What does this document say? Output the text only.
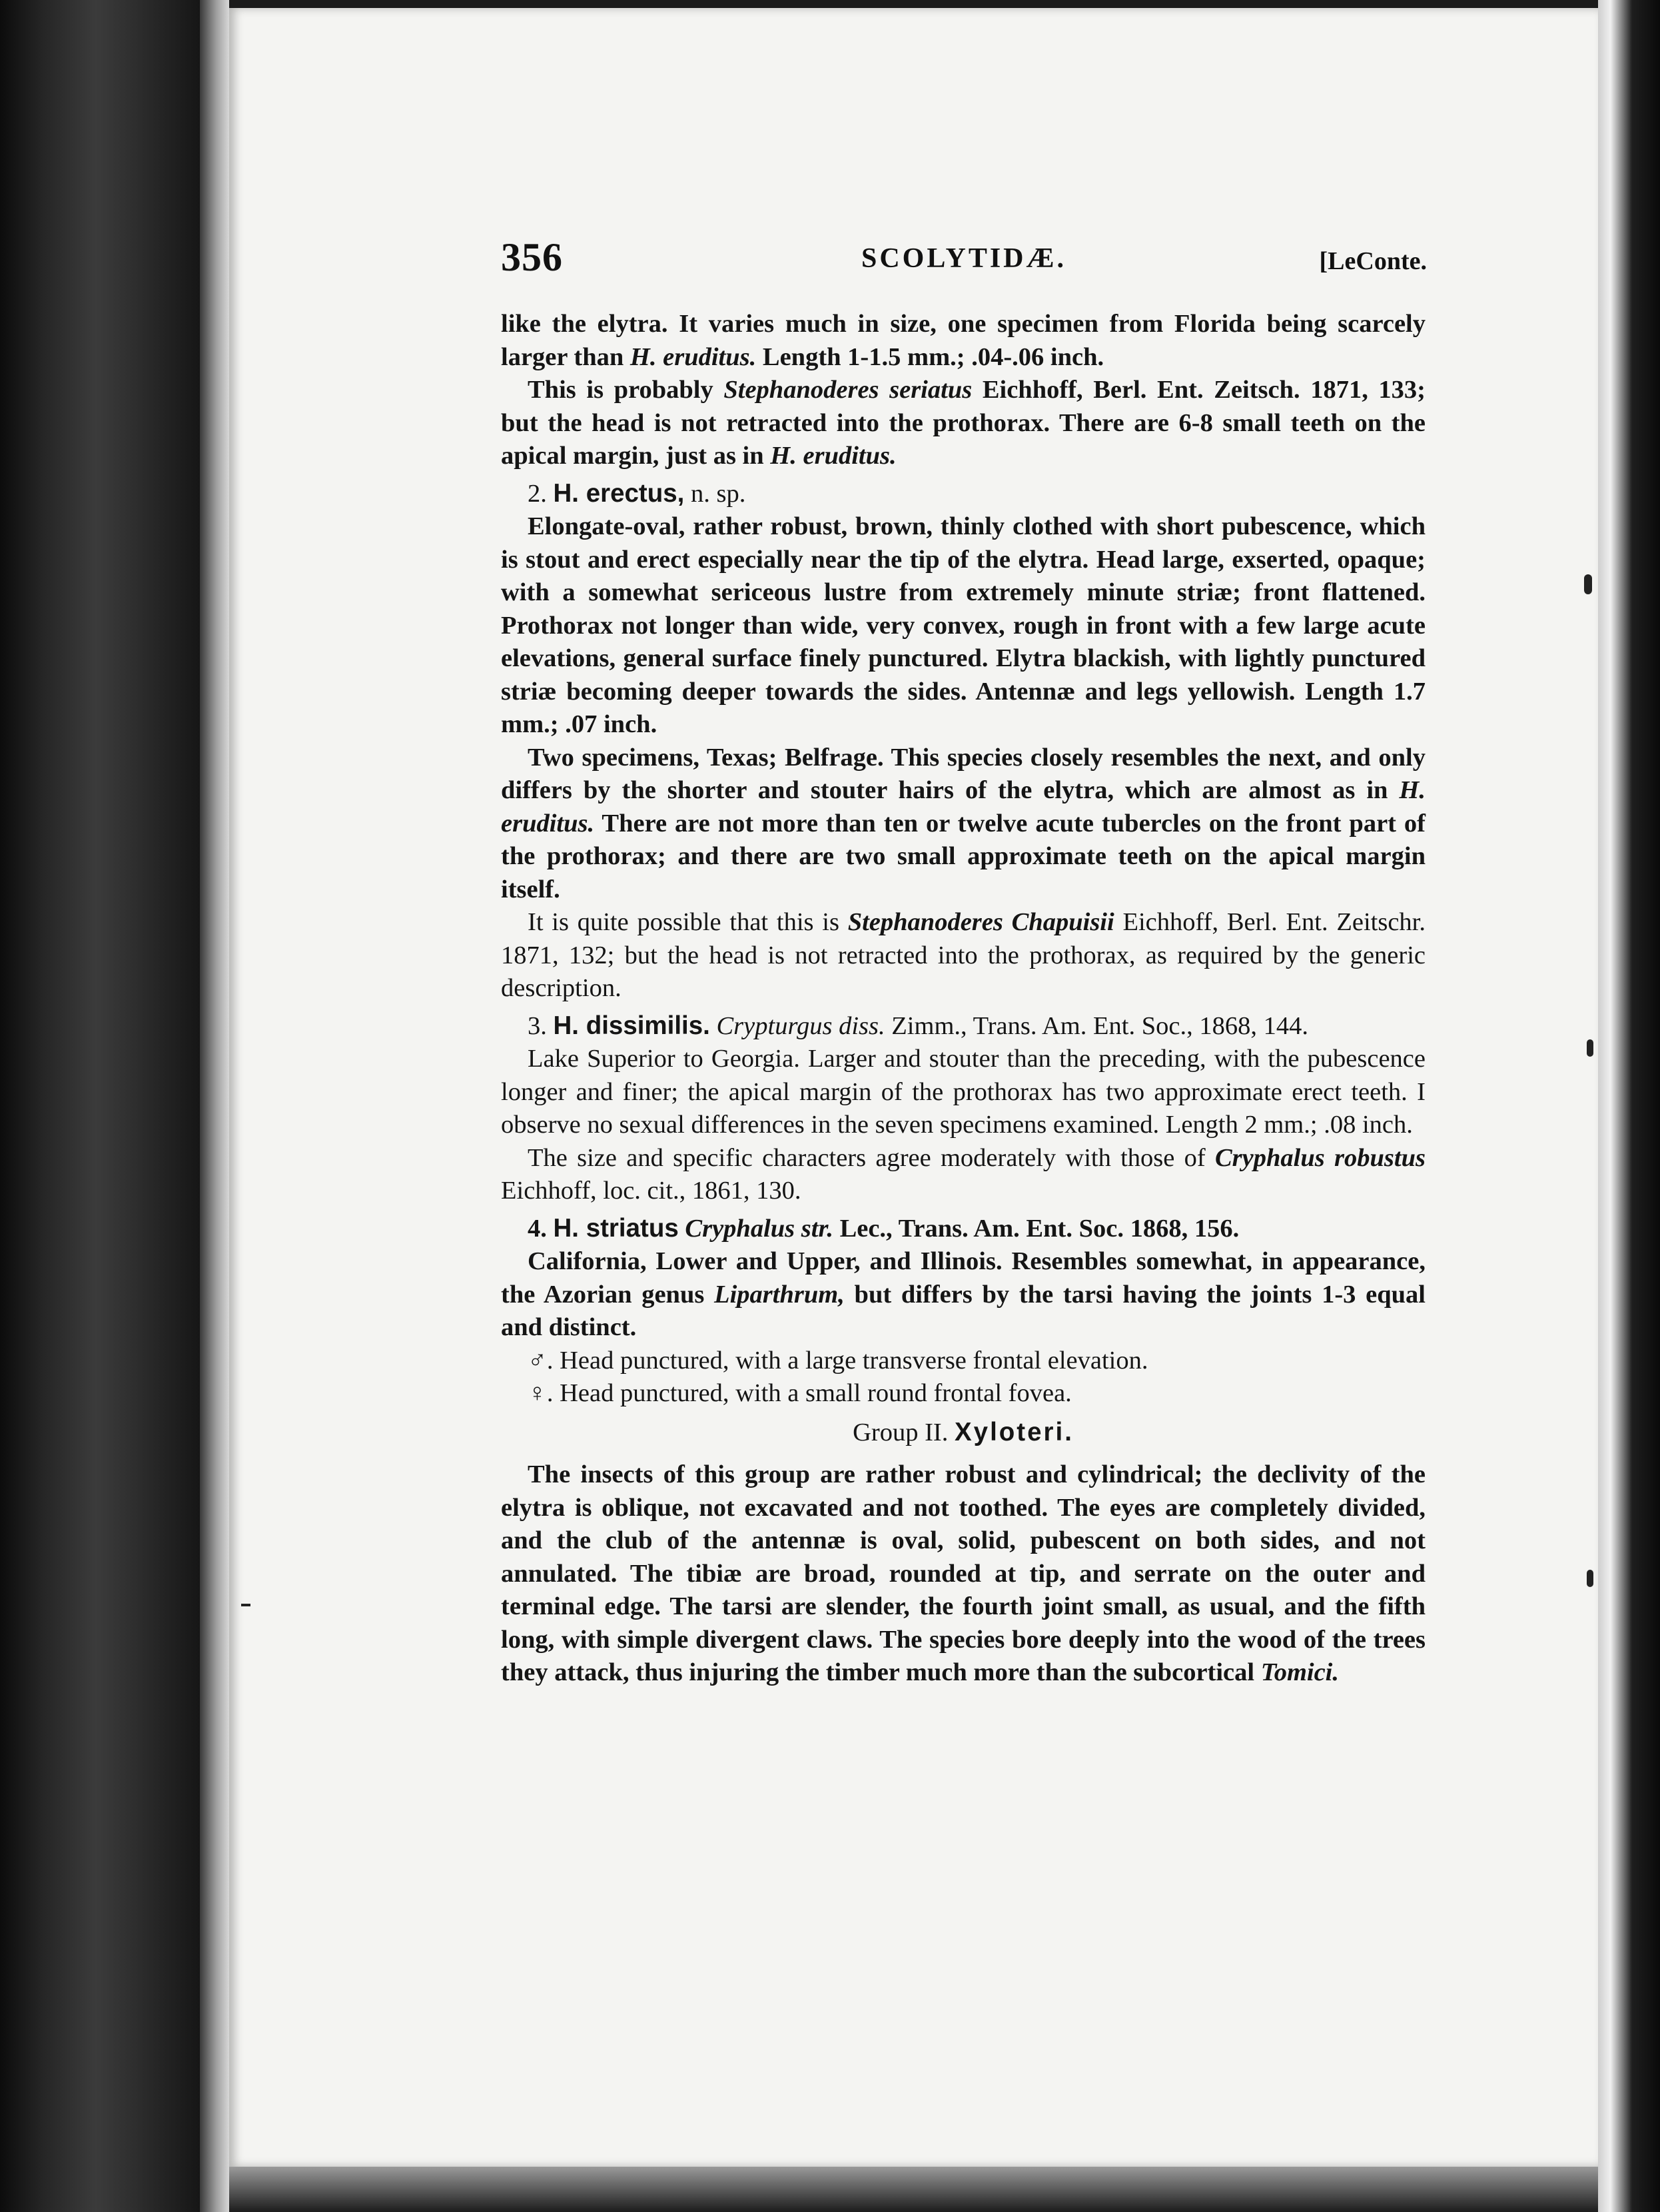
356	SCOLYTIDÆ.	[LeConte.

like the elytra. It varies much in size, one specimen from Florida being scarcely larger than H. eruditus. Length 1-1.5 mm.; .04-.06 inch.

This is probably Stephanoderes seriatus Eichhoff, Berl. Ent. Zeitsch. 1871, 133; but the head is not retracted into the prothorax. There are 6-8 small teeth on the apical margin, just as in H. eruditus.

2. H. erectus, n. sp.

Elongate-oval, rather robust, brown, thinly clothed with short pubescence, which is stout and erect especially near the tip of the elytra. Head large, exserted, opaque; with a somewhat sericeous lustre from extremely minute striæ; front flattened. Prothorax not longer than wide, very convex, rough in front with a few large acute elevations, general surface finely punctured. Elytra blackish, with lightly punctured striæ becoming deeper towards the sides. Antennæ and legs yellowish. Length 1.7 mm.; .07 inch.

Two specimens, Texas; Belfrage. This species closely resembles the next, and only differs by the shorter and stouter hairs of the elytra, which are almost as in H. eruditus. There are not more than ten or twelve acute tubercles on the front part of the prothorax; and there are two small approximate teeth on the apical margin itself.

It is quite possible that this is Stephanoderes Chapuisii Eichhoff, Berl. Ent. Zeitschr. 1871, 132; but the head is not retracted into the prothorax, as required by the generic description.

3. H. dissimilis. Crypturgus diss. Zimm., Trans. Am. Ent. Soc., 1868, 144.

Lake Superior to Georgia. Larger and stouter than the preceding, with the pubescence longer and finer; the apical margin of the prothorax has two approximate erect teeth. I observe no sexual differences in the seven specimens examined. Length 2 mm.; .08 inch.

The size and specific characters agree moderately with those of Cryphalus robustus Eichhoff, loc. cit., 1861, 130.

4. H. striatus Cryphalus str. Lec., Trans. Am. Ent. Soc. 1868, 156.

California, Lower and Upper, and Illinois. Resembles somewhat, in appearance, the Azorian genus Liparthrum, but differs by the tarsi having the joints 1-3 equal and distinct.

♂. Head punctured, with a large transverse frontal elevation.

♀. Head punctured, with a small round frontal fovea.

Group II. Xyloteri.

The insects of this group are rather robust and cylindrical; the declivity of the elytra is oblique, not excavated and not toothed. The eyes are completely divided, and the club of the antennæ is oval, solid, pubescent on both sides, and not annulated. The tibiæ are broad, rounded at tip, and serrate on the outer and terminal edge. The tarsi are slender, the fourth joint small, as usual, and the fifth long, with simple divergent claws. The species bore deeply into the wood of the trees they attack, thus injuring the timber much more than the subcortical Tomici.
